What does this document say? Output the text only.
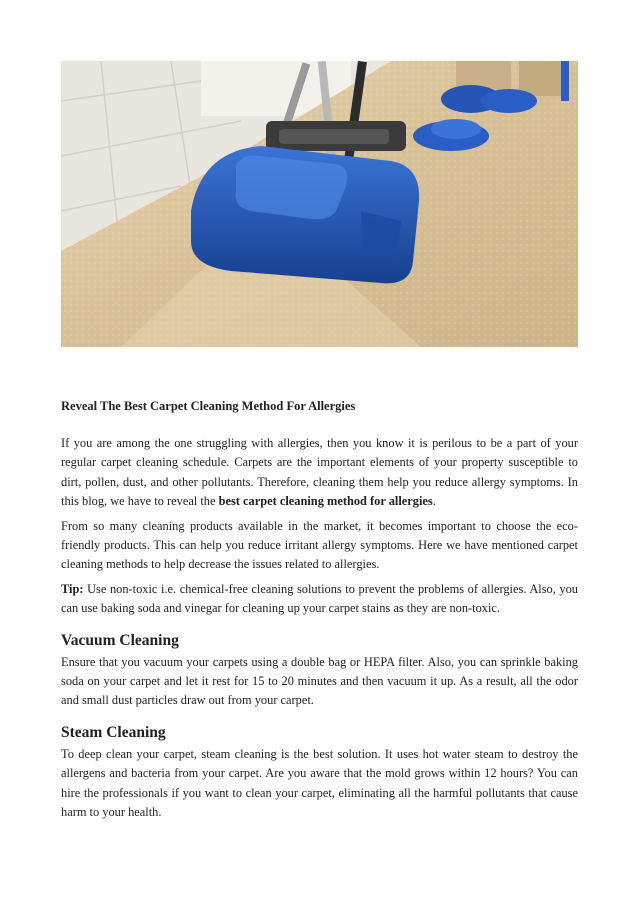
Reveal The Best Carpet Cleaning Method For Allergies

If you are among the one struggling with allergies, then you know it is perilous to be a part of your regular carpet cleaning schedule. Carpets are the important elements of your property susceptible to dirt, pollen, dust, and other pollutants. Therefore, cleaning them help you reduce allergy symptoms. In this blog, we have to reveal the best carpet cleaning method for allergies.

From so many cleaning products available in the market, it becomes important to choose the eco-friendly products. This can help you reduce irritant allergy symptoms. Here we have mentioned carpet cleaning methods to help decrease the issues related to allergies.

Tip: Use non-toxic i.e. chemical-free cleaning solutions to prevent the problems of allergies. Also, you can use baking soda and vinegar for cleaning up your carpet stains as they are non-toxic.

Vacuum Cleaning

Ensure that you vacuum your carpets using a double bag or HEPA filter. Also, you can sprinkle baking soda on your carpet and let it rest for 15 to 20 minutes and then vacuum it up. As a result, all the odor and small dust particles draw out from your carpet.

Steam Cleaning

To deep clean your carpet, steam cleaning is the best solution. It uses hot water steam to destroy the allergens and bacteria from your carpet. Are you aware that the mold grows within 12 hours? You can hire the professionals if you want to clean your carpet, eliminating all the harmful pollutants that cause harm to your health.
